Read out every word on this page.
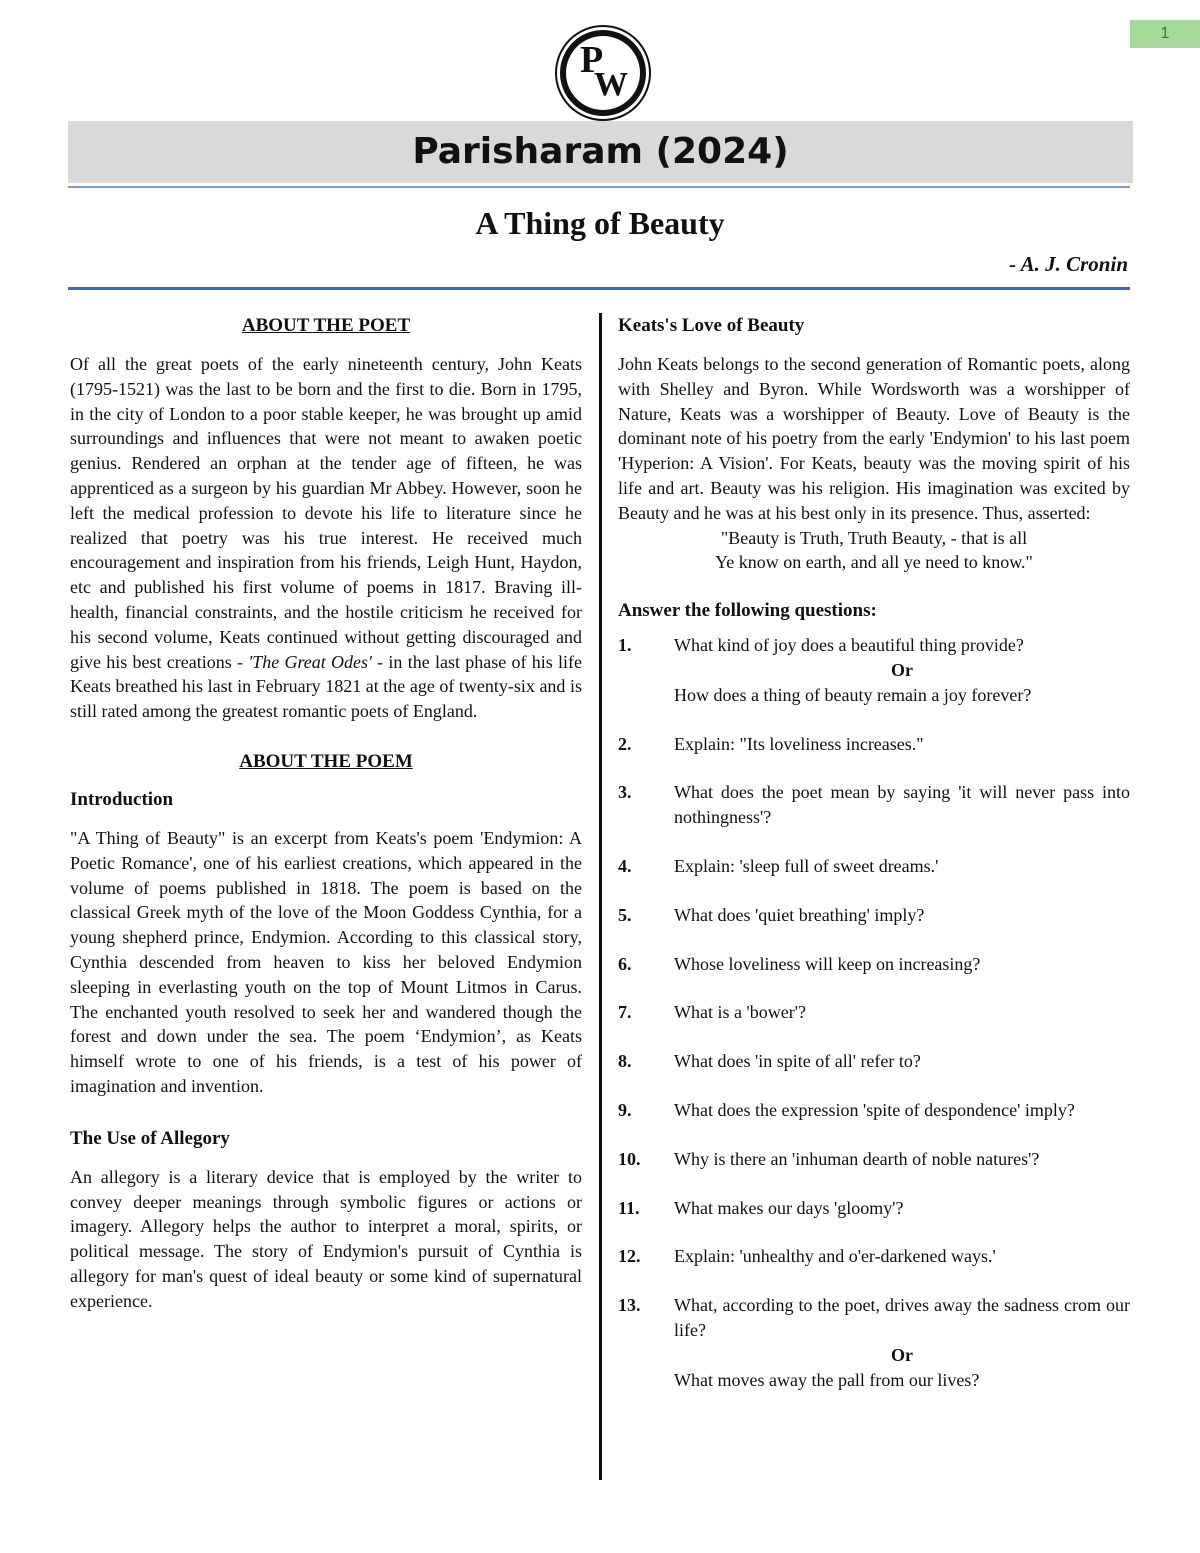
1
P
W
Parisharam (2024)
A Thing of Beauty
- A. J. Cronin

ABOUT THE POET

Of all the great poets of the early nineteenth century, John Keats (1795-1521) was the last to be born and the first to die. Born in 1795, in the city of London to a poor stable keeper, he was brought up amid surroundings and influences that were not meant to awaken poetic genius. Rendered an orphan at the tender age of fifteen, he was apprenticed as a surgeon by his guardian Mr Abbey. However, soon he left the medical profession to devote his life to literature since he realized that poetry was his true interest. He received much encouragement and inspiration from his friends, Leigh Hunt, Haydon, etc and published his first volume of poems in 1817. Braving ill-health, financial constraints, and the hostile criticism he received for his second volume, Keats continued without getting discouraged and give his best creations - 'The Great Odes' - in the last phase of his life Keats breathed his last in February 1821 at the age of twenty-six and is still rated among the greatest romantic poets of England.

ABOUT THE POEM

Introduction

"A Thing of Beauty" is an excerpt from Keats's poem 'Endymion: A Poetic Romance', one of his earliest creations, which appeared in the volume of poems published in 1818. The poem is based on the classical Greek myth of the love of the Moon Goddess Cynthia, for a young shepherd prince, Endymion. According to this classical story, Cynthia descended from heaven to kiss her beloved Endymion sleeping in everlasting youth on the top of Mount Litmos in Carus. The enchanted youth resolved to seek her and wandered though the forest and down under the sea. The poem ‘Endymion’, as Keats himself wrote to one of his friends, is a test of his power of imagination and invention.

The Use of Allegory

An allegory is a literary device that is employed by the writer to convey deeper meanings through symbolic figures or actions or imagery. Allegory helps the author to interpret a moral, spirits, or political message. The story of Endymion's pursuit of Cynthia is allegory for man's quest of ideal beauty or some kind of supernatural experience.

Keats's Love of Beauty

John Keats belongs to the second generation of Romantic poets, along with Shelley and Byron. While Wordsworth was a worshipper of Nature, Keats was a worshipper of Beauty. Love of Beauty is the dominant note of his poetry from the early 'Endymion' to his last poem 'Hyperion: A Vision'. For Keats, beauty was the moving spirit of his life and art. Beauty was his religion. His imagination was excited by Beauty and he was at his best only in its presence. Thus, asserted:

"Beauty is Truth, Truth Beauty, - that is all

Ye know on earth, and all ye need to know."

Answer the following questions:

1.	What kind of joy does a beautiful thing provide?
Or
How does a thing of beauty remain a joy forever?
2.	Explain: "Its loveliness increases."
3.	What does the poet mean by saying 'it will never pass into nothingness'?
4.	Explain: 'sleep full of sweet dreams.'
5.	What does 'quiet breathing' imply?
6.	Whose loveliness will keep on increasing?
7.	What is a 'bower'?
8.	What does 'in spite of all' refer to?
9.	What does the expression 'spite of despondence' imply?
10.	Why is there an 'inhuman dearth of noble natures'?
11.	What makes our days 'gloomy'?
12.	Explain: 'unhealthy and o'er-darkened ways.'
13.	What, according to the poet, drives away the sadness crom our life?
Or
What moves away the pall from our lives?
